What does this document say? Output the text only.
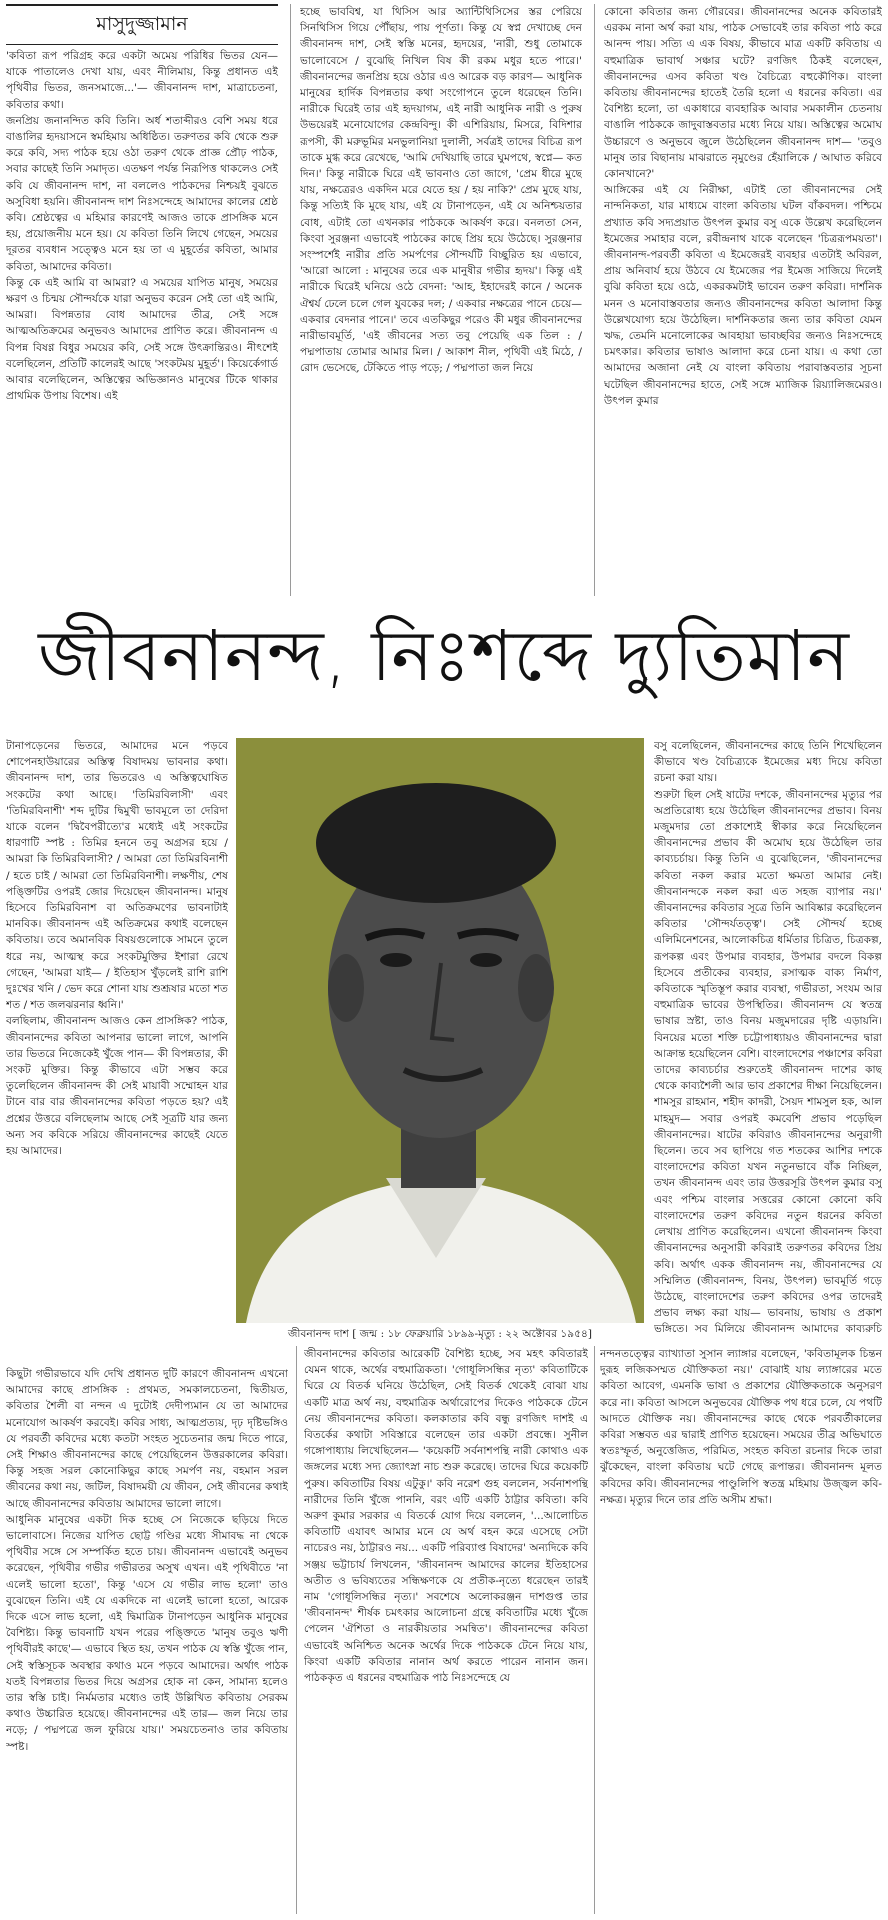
মাসুদুজ্জামান

'কবিতা রূপ পরিগ্রহ করে একটা অমেয় পরিধির ভিতর যেন— যাকে পাতালেও দেখা যায়, এবং নীলিমায়, কিন্তু প্রধানত এই পৃথিবীর ভিতর, জনসমাজে...'— জীবনানন্দ দাশ, মাত্রাচেতনা, কবিতার কথা।

জনপ্রিয় জনানন্দিত কবি তিনি। অর্ধ শতাব্দীরও বেশি সময় ধরে বাঙালির হৃদয়াসনে স্বমহিমায় অধিষ্ঠিত। তরুণতর কবি থেকে শুরু করে কবি, সদ্য পাঠক হয়ে ওঠা তরুণ থেকে প্রাজ্ঞ প্রৌঢ় পাঠক, সবার কাছেই তিনি সমাদৃত। এতক্ষণ পর্যন্ত নিরূপিত্ত থাকলেও সেই কবি যে জীবনানন্দ দাশ, না বললেও পাঠকদের নিশ্চয়ই বুঝতে অসুবিধা হয়নি। জীবনানন্দ দাশ নিঃসন্দেহে আমাদের কালের শ্রেষ্ঠ কবি। শ্রেষ্ঠত্বের এ মহিমার কারণেই আজও তাকে প্রাসঙ্গিক মনে হয়, প্রয়োজনীয় মনে হয়। যে কবিতা তিনি লিখে গেছেন, সময়ের দূরতর ব্যবধান সত্ত্বেও মনে হয় তা এ মুহূর্তের কবিতা, আমার কবিতা, আমাদের কবিতা।

কিন্তু কে এই আমি বা আমরা? এ সময়ের যাপিত মানুষ, সময়ের ক্ষরণ ও চিন্ময় সৌন্দর্যকে যারা অনুভব করেন সেই তো এই আমি, আমরা। বিপন্নতার বোধ আমাদের তীব্র, সেই সঙ্গে আত্মঅতিক্রমের অনুভবও আমাদের প্রাণিত করে। জীবনানন্দ এ বিপন্ন বিষণ্ণ বিধুর সময়ের কবি, সেই সঙ্গে উৎক্রান্তিরও। নীৎশেই বলেছিলেন, প্রতিটি কালেরই আছে 'সংকটময় মুহূর্ত'। কিয়ের্কেগার্ড আবার বলেছিলেন, অস্তিত্বের অভিজ্ঞানও মানুষের টিকে থাকার প্রাথমিক উপায় বিশেষ। এই

হচ্ছে ভাববিশ্ব, যা থিসিস আর অ্যান্টিথিসিসের স্তর পেরিয়ে সিনথিসিস গিয়ে পৌঁছায়, পায় পূর্ণতা। কিন্তু যে স্বপ্ন দেখাচ্ছে দেন জীবনানন্দ দাশ, সেই স্বস্তি মনের, হৃদয়ের, 'নারী, শুধু তোমাকে ভালোবেসে / বুঝেছি নিখিল বিষ কী রকম মধুর হতে পারে।' জীবনানন্দের জনপ্রিয় হয়ে ওঠার এও আরেক বড় কারণ— আধুনিক মানুষের হার্দিক বিপন্নতার কথা সংগোপনে তুলে ধরেছেন তিনি। নারীকে ঘিরেই তার এই হৃদয়াগম, এই নারী আধুনিক নারী ও পুরুষ উভয়েরই মনোযোগের কেন্দ্রবিন্দু। কী এশিরিয়ায়, মিসরে, বিদিশার রূপসী, কী মরুভূমির মনভুলানিয়া দুলালী, সর্বত্রই তাদের বিচিত্র রূপ তাকে মুগ্ধ করে রেখেছে, 'আমি দেখিয়াছি তারে ঘুমপথে, স্বপ্নে— কত দিন।' কিন্তু নারীকে ঘিরে এই ভাবনাও তো জাগে, 'প্রেম ধীরে মুছে যায়, নক্ষত্রেরও একদিন মরে যেতে হয় / হয় নাকি?' প্রেম মুছে যায়, কিন্তু সত্যিই কি মুছে যায়, এই যে টানাপড়েন, এই যে অনিশ্চয়তার বোধ, এটাই তো এখনকার পাঠককে আকর্ষণ করে। বনলতা সেন, কিংবা সুরঞ্জনা এভাবেই পাঠকের কাছে প্রিয় হয়ে উঠেছে। সুরঞ্জনার সংস্পর্শেই নারীর প্রতি সমর্পণের সৌন্দর্যটি বিচ্ছুরিত হয় এভাবে, 'আরো আলো : মানুষের তরে এক মানুষীর গভীর হৃদয়'। কিন্তু এই নারীকে ঘিরেই ঘনিয়ে ওঠে বেদনা: 'আহ, ইহাদেরই কানে / অনেক ঐশ্বর্য ঢেলে চলে গেল যুবকের দল; / একবার নক্ষত্রের পানে চেয়ে— একবার বেদনার পানে।' তবে এতকিছুর পরেও কী মধুর জীবনানন্দের নারীভাবমূর্তি, 'এই জীবনের সত্য তবু পেয়েছি এক তিল : / পদ্মপাতায় তোমার আমার মিল। / আকাশ নীল, পৃথিবী এই মিঠে, / রোদ ভেসেছে, টেকিতে পাড় পড়ে; / পদ্মপাতা জল নিয়ে

কোনো কবিতার জন্য গৌরবের। জীবনানন্দের অনেক কবিতারই এরকম নানা অর্থ করা যায়, পাঠক সেভাবেই তার কবিতা পাঠ করে আনন্দ পায়। সত্যি এ এক বিষয়, কীভাবে মাত্র একটি কবিতায় এ বহুমাত্রিক ভাবার্থ সঞ্চার ঘটে? রণজিৎ ঠিকই বলেছেন, জীবনানন্দের এসব কবিতা খণ্ড বৈচিত্র্যে বহুকৌণিক। বাংলা কবিতায় জীবনানন্দের হাতেই তৈরি হলো এ ধরনের কবিতা। এর বৈশিষ্ট্য হলো, তা একাধারে ব্যবহারিক আবার সমকালীন চেতনায় বাঙালি পাঠককে জাদুবাস্তবতার মধ্যে নিয়ে যায়। অস্তিত্বের অমোঘ উচ্চারণে ও অনুভবে জুলে উঠেছিলেন জীবনানন্দ দাশ— 'তবুও মানুষ তার বিছানায় মাঝরাতে নৃমুণ্ডের হেঁয়ালিকে / আঘাত করিবে কোনখানে?'

আঙ্গিকের এই যে নিরীক্ষা, এটাই তো জীবনানন্দের সেই নান্দনিকতা, যার মাধ্যমে বাংলা কবিতায় ঘটল বাঁকবদল। পশ্চিমে প্রখ্যাত কবি সদ্যপ্রয়াত উৎপল কুমার বসু একে উল্লেখ করেছিলেন ইমেজের সমাহার বলে, রবীন্দ্রনাথ যাকে বলেছেন 'চিত্ররূপময়তা'। জীবনানন্দ-পরবর্তী কবিতা এ ইমেজেরই ব্যবহার এতটাই অবিরল, প্রায় অনিবার্য হয়ে উঠবে যে ইমেজের পর ইমেজ সাজিয়ে দিলেই বুঝি কবিতা হয়ে ওঠে, একরকমটাই ভাবেন তরুণ কবিরা। দার্শনিক মনন ও মনোবাস্তবতার জন্যও জীবনানন্দের কবিতা আলাদা কিন্তু উল্লেখযোগ্য হয়ে উঠেছিল। দার্শনিকতার জন্য তার কবিতা যেমন ঋদ্ধ, তেমনি মনোলোকের আবহায়া ভাবচ্ছবির জন্যও নিঃসন্দেহে চমৎকার। কবিতার ভাষাও আলাদা করে চেনা যায়। এ কথা তো আমাদের অজানা নেই যে বাংলা কবিতায় পরাবাস্তবতার সূচনা ঘটেছিল জীবনানন্দের হাতে, সেই সঙ্গে ম্যাজিক রিয়্যালিজমেরও। উৎপল কুমার

জীবনানন্দ, নিঃশব্দে দ্যুতিমান

টানাপড়েনের ভিতরে, আমাদের মনে পড়বে শোপেনহাউয়ারের অস্তিত্ব বিষাদময় ভাবনার কথা। জীবনানন্দ দাশ, তার ভিতরেও এ অস্তিত্বঘোষিত সংকটের কথা আছে। 'তিমিরবিলাসী' এবং 'তিমিরবিনাশী' শব্দ দুটির দ্বিমুখী ভাবমূলে তা দেরিদা যাকে বলেন 'দ্বিবৈপরীত্যে'র মধ্যেই এই সংকটের ধারণাটি স্পষ্ট : তিমির হননে তবু অগ্রসর হয়ে / আমরা কি তিমিরবিলাসী? / আমরা তো তিমিরবিনাশী / হতে চাই / আমরা তো তিমিরবিনাশী। লক্ষণীয়, শেষ পঙ্ক্তিটির ওপরই জোর দিয়েছেন জীবনানন্দ। মানুষ হিসেবে তিমিরবিনাশ বা অতিক্রমণের ভাবনাটাই মানবিক। জীবনানন্দ এই অতিক্রমের কথাই বলেছেন কবিতায়। তবে অমানবিক বিষয়গুলোকে সামনে তুলে ধরে নয়, আত্মস্থ করে সংকটমুক্তির ইশারা রেখে গেছেন, 'আমরা যাই— / ইতিহাস খুঁড়লেই রাশি রাশি দুঃখের খনি / ভেদ করে শোনা যায় শুশ্রূষার মতো শত শত / শত জলঝরনার ধ্বনি।'

বলছিলাম, জীবনানন্দ আজও কেন প্রাসঙ্গিক? পাঠক, জীবনানন্দের কবিতা আপনার ভালো লাগে, আপনি তার ভিতরে নিজেকেই খুঁজে পান— কী বিপন্নতার, কী সংকট মুক্তির। কিন্তু কীভাবে এটা সম্ভব করে তুলেছিলেন জীবনানন্দ কী সেই মায়াবী সম্মোহন যার টানে বার বার জীবনানন্দের কবিতা পড়তে হয়? এই প্রশ্নের উত্তরে বলিছেলাম আছে সেই সূত্রটি যার জন্য অন্য সব কবিকে সরিয়ে জীবনানন্দের কাছেই যেতে হয় আমাদের।

জীবনানন্দ দাশ [ জন্ম : ১৮ ফেব্রুয়ারি ১৮৯৯-মৃত্যু : ২২ অক্টোবর ১৯৫৪]

বসু বলেছিলেন, জীবনানন্দের কাছে তিনি শিখেছিলেন কীভাবে খণ্ড বৈচিত্র্যকে ইমেজের মধ্য দিয়ে কবিতা রচনা করা যায়।

শুরুটা ছিল সেই ষাটের দশকে, জীবনানন্দের মৃত্যুর পর অপ্রতিরোধ্য হয়ে উঠেছিল জীবনানন্দের প্রভাব। বিনয় মজুমদার তো প্রকাশ্যেই স্বীকার করে নিয়েছিলেন জীবনানন্দের প্রভাব কী অমোঘ হয়ে উঠেছিল তার কাব্যচর্চায়। কিন্তু তিনি এ বুঝেছিলেন, 'জীবনানন্দের কবিতা নকল করার মতো ক্ষমতা আমার নেই। জীবনানন্দকে নকল করা এত সহজ ব্যাপার নয়।' জীবনানন্দের কবিতার সূত্রে তিনি আবিষ্কার করেছিলেন কবিতার 'সৌন্দর্যতত্ত্ব'। সেই সৌন্দর্য হচ্ছে এলিমিনেশনের, আলোকচিত্র ধর্মিতার চিত্রিত, চিত্রকল্প, রূপকল্প এবং উপমার ব্যবহার, উপমার বদলে বিকল্প হিসেবে প্রতীকের ব্যবহার, রসাত্মক বাক্য নির্মাণ, কবিতাকে স্মৃতিস্তূপ করার ব্যবস্থা, গভীরতা, সংযম আর বহুমাত্রিক ভাবের উপস্থিতির। জীবনানন্দ যে স্বতন্ত্র ভাষার স্রষ্টা, তাও বিনয় মজুমদারের দৃষ্টি এড়ায়নি। বিনয়ের মতো শক্তি চট্টোপাধ্যায়ও জীবনানন্দের দ্বারা আক্রান্ত হয়েছিলেন বেশি। বাংলাদেশের পঞ্চাশের কবিরা তাদের কাব্যচর্চার শুরুতেই জীবনানন্দ দাশের কাছ থেকে কাব্যশৈলী আর ভাব প্রকাশের দীক্ষা নিয়েছিলেন। শামসুর রাহমান, শহীদ কাদরী, সৈয়দ শামসুল হক, আল মাহমুদ— সবার ওপরই কমবেশি প্রভাব পড়েছিল জীবনানন্দের। ষাটের কবিরাও জীবনানন্দের অনুরাগী ছিলেন। তবে সব ছাপিয়ে গত শতকের আশির দশকে বাংলাদেশের কবিতা যখন নতুনভাবে বাঁক নিচ্ছিল, তখন জীবনানন্দ এবং তার উত্তরসূরি উৎপল কুমার বসু এবং পশ্চিম বাংলার সত্তরের কোনো কোনো কবি বাংলাদেশের তরুণ কবিদের নতুন ধরনের কবিতা লেখায় প্রাণিত করেছিলেন। এখনো জীবনানন্দ কিংবা জীবনানন্দের অনুসারী কবিরাই তরুণতর কবিদের প্রিয় কবি। অর্থাৎ একক জীবনানন্দ নয়, জীবনানন্দের যে সম্মিলিত (জীবনানন্দ, বিনয়, উৎপল) ভাবমূর্তি গড়ে উঠেছে, বাংলাদেশের তরুণ কবিদের ওপর তাদেরই প্রভাব লক্ষ্য করা যায়— ভাবনায়, ভাষায় ও প্রকাশ ভঙ্গিতে। সব মিলিয়ে জীবনানন্দ আমাদের কাব্যরুচি

নন্দনতত্ত্বের ব্যাখ্যাতা সুসান ল্যাঙ্গার বলেছেন, 'কবিতামূলক চিন্তন দুরূহ লজিকসম্মত যৌক্তিকতা নয়।' বোঝাই যায় ল্যাঙ্গারের মতে কবিতা আবেগ, এমনকি ভাষা ও প্রকাশের যৌক্তিকতাকে অনুসরণ করে না। কবিতা আসলে অনুভবের যৌক্তিক পথ ধরে চলে, যে পথটি আদতে যৌক্তিক নয়। জীবনানন্দের কাছে থেকে পরবর্তীকালের কবিরা সম্ভবত এর দ্বারাই প্রাণিত হয়েছেন। সময়ের তীব্র অভিঘাতে স্বতঃস্ফূর্ত, অনুত্তেজিত, পরিমিত, সংহত কবিতা রচনার দিকে তারা ঝুঁকেছেন, বাংলা কবিতায় ঘটে গেছে রূপান্তর। জীবনানন্দ মূলত কবিদের কবি। জীবনানন্দের পাণ্ডুলিপি স্বতন্ত্র মহিমায় উজ্জ্বল কবি-নক্ষত্র। মৃত্যুর দিনে তার প্রতি অসীম শ্রদ্ধা।

কিছুটা গভীরভাবে যদি দেখি প্রধানত দুটি কারণে জীবনানন্দ এখনো আমাদের কাছে প্রাসঙ্গিক : প্রথমত, সমকালচেতনা, দ্বিতীয়ত, কবিতার শৈলী বা নন্দন এ দুটোই দেদীপ্যমান যে তা আমাদের মনোযোগ আকর্ষণ করবেই। কবির সাধ্য, আত্মপ্রত্যয়, দৃঢ় দৃষ্টিভঙ্গিও যে পরবর্তী কবিদের মধ্যে কতটা সংহত সুচেতনার জন্ম দিতে পারে, সেই শিক্ষাও জীবনানন্দের কাছে পেয়েছিলেন উত্তরকালের কবিরা। কিন্তু সহজ সরল কোনোকিছুর কাছে সমর্পণ নয়, বহমান সরল জীবনের কথা নয়, জটিল, বিষাদময়ী যে জীবন, সেই জীবনের কথাই আছে জীবনানন্দের কবিতায় আমাদের ভালো লাগে।

আধুনিক মানুষের একটা দিক হচ্ছে সে নিজেকে ছড়িয়ে দিতে ভালোবাসে। নিজের যাপিত ছোট্ট গণ্ডির মধ্যে সীমাবদ্ধ না থেকে পৃথিবীর সঙ্গে সে সম্পর্কিত হতে চায়। জীবনানন্দ এভাবেই অনুভব করেছেন, পৃথিবীর গভীর গভীরতর অসুখ এখন। এই পৃথিবীতে 'না এলেই ভালো হতো', কিন্তু 'এসে যে গভীর লাভ হলো' তাও বুঝেছেন তিনি। এই যে একদিকে না এলেই ভালো হতো, আরেক দিকে এসে লাভ হলো, এই দ্বিমাত্রিক টানাপড়েন আধুনিক মানুষের বৈশিষ্ট্য। কিন্তু ভাবনাটি যখন পরের পঙ্ক্তিতে 'মানুষ তবুও ঋণী পৃথিবীরই কাছে'— এভাবে স্থিত হয়, তখন পাঠক যে স্বস্তি খুঁজে পান, সেই স্বস্তিসূচক অবস্থার কথাও মনে পড়বে আমাদের। অর্থাৎ পাঠক যতই বিপন্নতার ভিতর দিয়ে অগ্রসর হোক না কেন, সামান্য হলেও তার স্বস্তি চাই। নির্মমতার মধ্যেও তাই উল্লিখিত কবিতায় সেরকম কথাও উচ্চারিত হয়েছে। জীবনানন্দের এই তার— জল নিয়ে তার নড়ে; / পদ্মপত্রে জল ফুরিয়ে যায়।' সময়চেতনাও তার কবিতায় স্পষ্ট।

জীবনানন্দের কবিতার আরেকটি বৈশিষ্ট্য হচ্ছে, সব মহৎ কবিতারই যেমন থাকে, অর্থের বহুমাত্রিকতা। 'গোধূলিসন্ধির নৃত্য' কবিতাটিকে ঘিরে যে বিতর্ক ঘনিয়ে উঠেছিল, সেই বিতর্ক থেকেই বোঝা যায় একটি মাত্র অর্থ নয়, বহুমাত্রিক অর্থারোপের দিকেও পাঠককে টেনে নেয় জীবনানন্দের কবিতা। কলকাতার কবি বন্ধু রণজিৎ দাশই এ বিতর্কের কথাটা সবিস্তারে বলেছেন তার একটা প্রবন্ধে। সুনীল গঙ্গোপাধ্যায় লিখেছিলেন— 'কয়েকটি সর্বনাশপন্থি নারী কোথাও এক জঙ্গলের মধ্যে সদ্য জ্যোৎস্না নাচ শুরু করেছে। তাদের ঘিরে কয়েকটি পুরুষ। কবিতাটির বিষয় এটুকু।' কবি নরেশ গুহ বললেন, সর্বনাশপন্থি নারীদের তিনি খুঁজে পাননি, বরং এটি একটি ঠাট্টার কবিতা। কবি অরুণ কুমার সরকার এ বিতর্কে যোগ দিয়ে বললেন, '...আলোচিত কবিতাটি এযাবৎ আমার মনে যে অর্থ বহন করে এসেছে সেটা নাচেরও নয়, ঠাট্টারও নয়... একটি পরিব্যাপ্ত বিষাদের' অন্যদিকে কবি সঞ্জয় ভট্টাচার্য লিখলেন, 'জীবনানন্দ আমাদের কালের ইতিহাসের অতীত ও ভবিষ্যতের সন্ধিক্ষণকে যে প্রতীক-নৃত্যে ধরেছেন তারই নাম 'গোধূলিসন্ধির নৃত্য।' সবশেষে অলোকরঞ্জন দাশগুপ্ত তার 'জীবনানন্দ' শীর্ষক চমৎকার আলোচনা গ্রন্থে কবিতাটির মধ্যে খুঁজে পেলেন 'ঐশিতা ও নারকীয়তার সমন্বিত'। জীবনানন্দের কবিতা এভাবেই অনিশ্চিত অনেক অর্থের দিকে পাঠককে টেনে নিয়ে যায়, কিংবা একটি কবিতার নানান অর্থ করতে পারেন নানান জন। পাঠককৃত এ ধরনের বহুমাত্রিক পাঠ নিঃসন্দেহে যে
